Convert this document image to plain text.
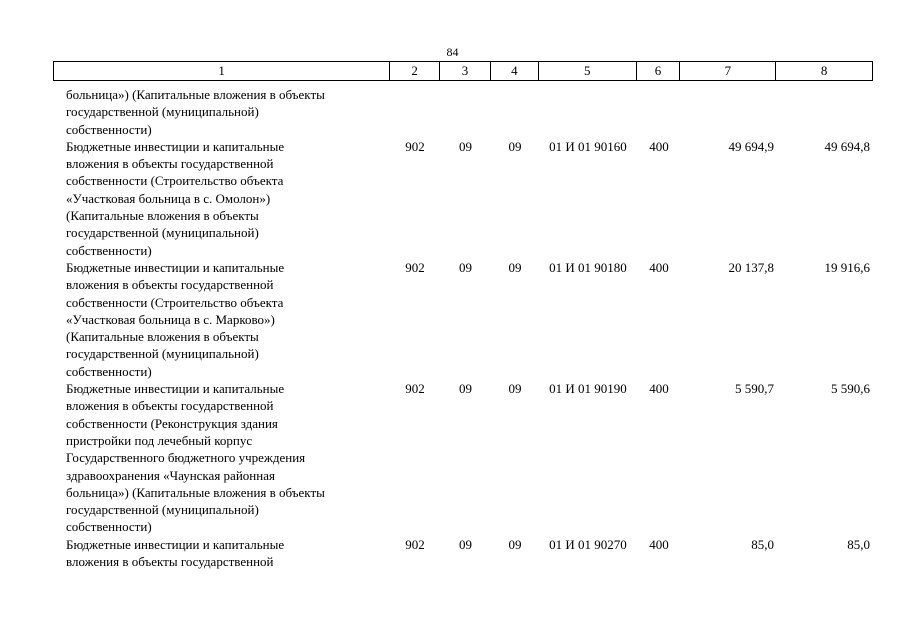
84
1	2	3	4	5	6	7	8
больница») (Капитальные вложения в объекты
государственной (муниципальной)
собственности)
Бюджетные инвестиции и капитальные
вложения в объекты государственной
собственности (Строительство объекта
«Участковая больница в с. Омолон»)
(Капитальные вложения в объекты
государственной (муниципальной)
собственности)
902	09	09	01 И 01 90160	400	49 694,9	49 694,8
Бюджетные инвестиции и капитальные
вложения в объекты государственной
собственности (Строительство объекта
«Участковая больница в с. Марково»)
(Капитальные вложения в объекты
государственной (муниципальной)
собственности)
902	09	09	01 И 01 90180	400	20 137,8	19 916,6
Бюджетные инвестиции и капитальные
вложения в объекты государственной
собственности (Реконструкция здания
пристройки под лечебный корпус
Государственного бюджетного учреждения
здравоохранения «Чаунская районная
больница») (Капитальные вложения в объекты
государственной (муниципальной)
собственности)
902	09	09	01 И 01 90190	400	5 590,7	5 590,6
Бюджетные инвестиции и капитальные
вложения в объекты государственной
902	09	09	01 И 01 90270	400	85,0	85,0
